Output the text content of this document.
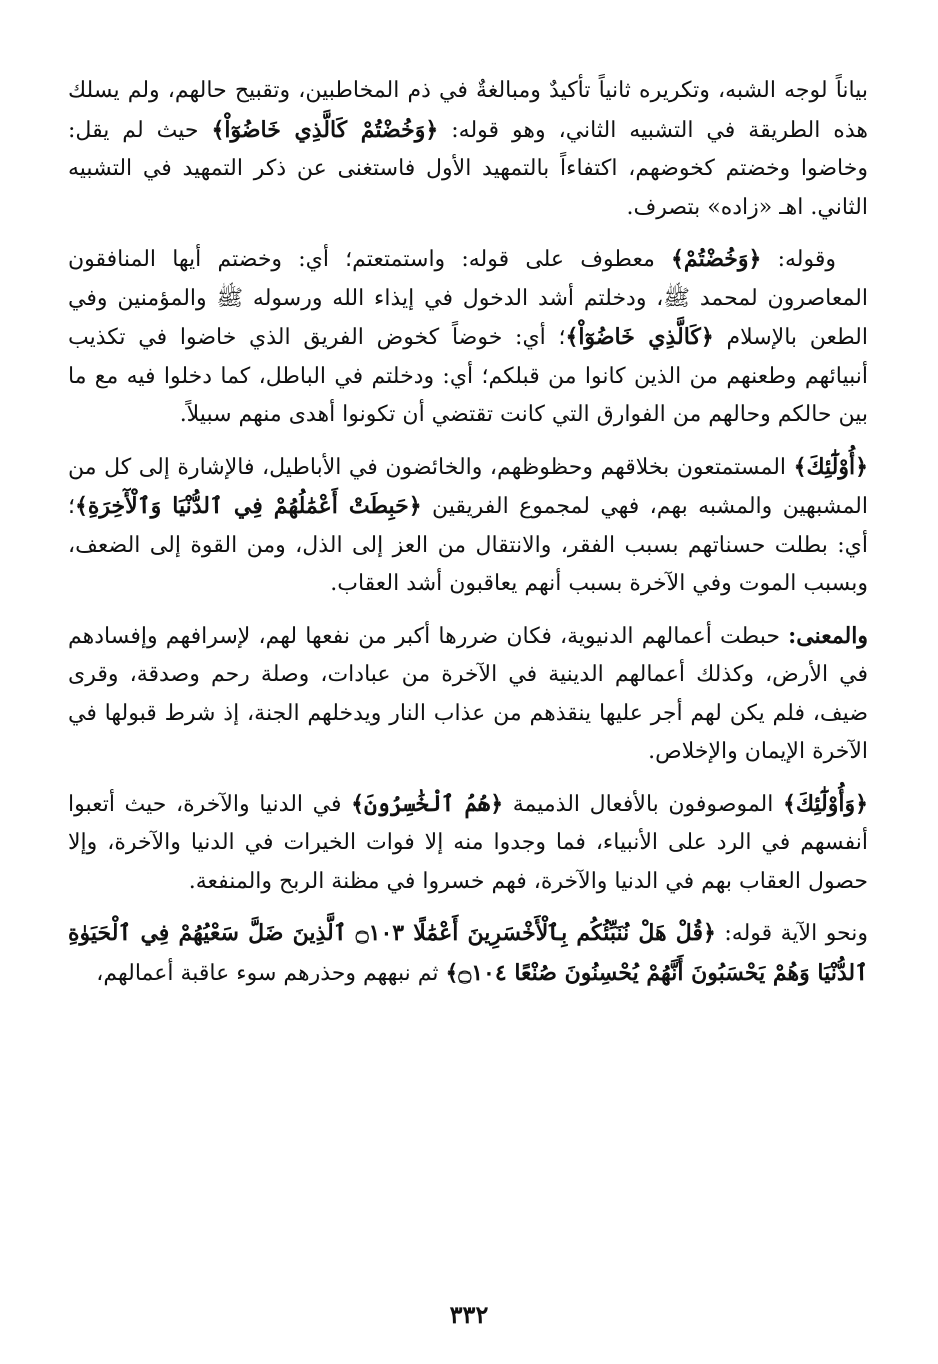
بياناً لوجه الشبه، وتكريره ثانياً تأكيدٌ ومبالغةٌ في ذم المخاطبين، وتقبيح حالهم، ولم يسلك هذه الطريقة في التشبيه الثاني، وهو قوله: ﴿وَخُضْتُمْ كَالَّذِي خَاضُوٓاْ﴾ حيث لم يقل: وخاضوا وخضتم كخوضهم، اكتفاءاً بالتمهيد الأول فاستغنى عن ذكر التمهيد في التشبيه الثاني. اهـ «زاده» بتصرف.

وقوله: ﴿وَخُضْتُمْ﴾ معطوف على قوله: واستمتعتم؛ أي: وخضتم أيها المنافقون المعاصرون لمحمد ﷺ، ودخلتم أشد الدخول في إيذاء الله ورسوله ﷺ والمؤمنين وفي الطعن بالإسلام ﴿كَالَّذِي خَاضُوٓاْ﴾؛ أي: خوضاً كخوض الفريق الذي خاضوا في تكذيب أنبيائهم وطعنهم من الذين كانوا من قبلكم؛ أي: ودخلتم في الباطل، كما دخلوا فيه مع ما بين حالكم وحالهم من الفوارق التي كانت تقتضي أن تكونوا أهدى منهم سبيلاً.

﴿أُوْلَٰٓئِكَ﴾ المستمتعون بخلاقهم وحظوظهم، والخائضون في الأباطيل، فالإشارة إلى كل من المشبهين والمشبه بهم، فهي لمجموع الفريقين ﴿حَبِطَتْ أَعْمَٰلُهُمْ فِي ٱلدُّنْيَا وَٱلْأٓخِرَةِ﴾؛ أي: بطلت حسناتهم بسبب الفقر، والانتقال من العز إلى الذل، ومن القوة إلى الضعف، وبسبب الموت وفي الآخرة بسبب أنهم يعاقبون أشد العقاب.

والمعنى: حبطت أعمالهم الدنيوية، فكان ضررها أكبر من نفعها لهم، لإسرافهم وإفسادهم في الأرض، وكذلك أعمالهم الدينية في الآخرة من عبادات، وصلة رحم وصدقة، وقرى ضيف، فلم يكن لهم أجر عليها ينقذهم من عذاب النار ويدخلهم الجنة، إذ شرط قبولها في الآخرة الإيمان والإخلاص.

﴿وَأُوْلَٰٓئِكَ﴾ الموصوفون بالأفعال الذميمة ﴿هُمُ ٱلْخَٰسِرُونَ﴾ في الدنيا والآخرة، حيث أتعبوا أنفسهم في الرد على الأنبياء، فما وجدوا منه إلا فوات الخيرات في الدنيا والآخرة، وإلا حصول العقاب بهم في الدنيا والآخرة، فهم خسروا في مظنة الربح والمنفعة.

ونحو الآية قوله: ﴿قُلْ هَلْ نُنَبِّئُكُم بِٱلْأَخْسَرِينَ أَعْمَٰلًا ۝١٠٣ ٱلَّذِينَ ضَلَّ سَعْيُهُمْ فِي ٱلْحَيَوٰةِ ٱلدُّنْيَا وَهُمْ يَحْسَبُونَ أَنَّهُمْ يُحْسِنُونَ صُنْعًا ۝١٠٤﴾ ثم نبههم وحذرهم سوء عاقبة أعمالهم،

٣٣٢
